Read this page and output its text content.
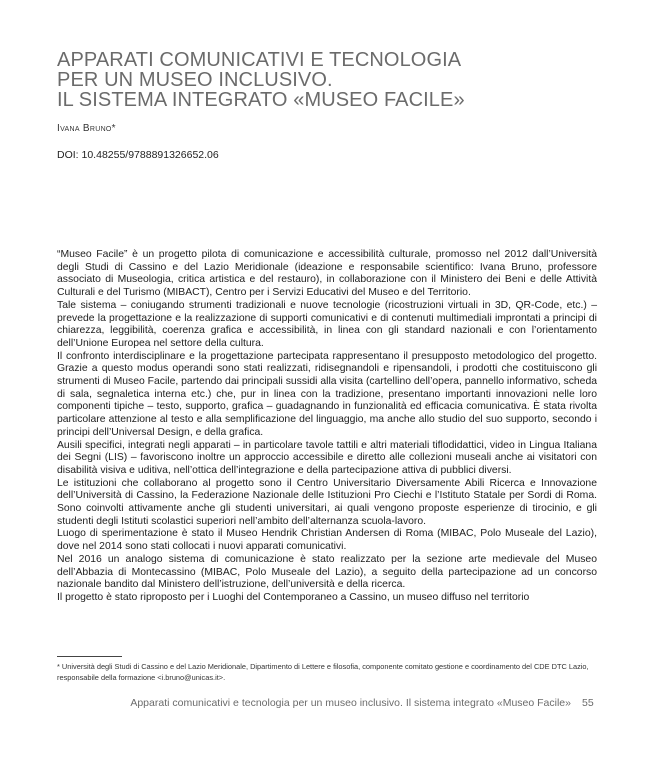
APPARATI COMUNICATIVI E TECNOLOGIA
PER UN MUSEO INCLUSIVO.
IL SISTEMA INTEGRATO «MUSEO FACILE»
Ivana Bruno*
DOI: 10.48255/9788891326652.06

“Museo Facile” è un progetto pilota di comunicazione e accessibilità culturale, promosso nel 2012 dall’Università degli Studi di Cassino e del Lazio Meridionale (ideazione e responsabile scientifico: Ivana Bruno, professore associato di Museologia, critica artistica e del restauro), in collaborazione con il Ministero dei Beni e delle Attività Culturali e del Turismo (MIBACT), Centro per i Servizi Educativi del Museo e del Territorio.

Tale sistema – coniugando strumenti tradizionali e nuove tecnologie (ricostruzioni virtuali in 3D, QR-Code, etc.) – prevede la progettazione e la realizzazione di supporti comunicativi e di contenuti multimediali improntati a principi di chiarezza, leggibilità, coerenza grafica e accessibilità, in linea con gli standard nazionali e con l’orientamento dell’Unione Europea nel settore della cultura.

Il confronto interdisciplinare e la progettazione partecipata rappresentano il presupposto metodologico del progetto. Grazie a questo modus operandi sono stati realizzati, ridisegnandoli e ripensandoli, i prodotti che costituiscono gli strumenti di Museo Facile, partendo dai principali sussidi alla visita (cartellino dell’opera, pannello informativo, scheda di sala, segnaletica interna etc.) che, pur in linea con la tradizione, presentano importanti innovazioni nelle loro componenti tipiche – testo, supporto, grafica – guadagnando in funzionalità ed efficacia comunicativa. È stata rivolta particolare attenzione al testo e alla semplificazione del linguaggio, ma anche allo studio del suo supporto, secondo i principi dell’Universal Design, e della grafica.

Ausili specifici, integrati negli apparati – in particolare tavole tattili e altri materiali tiflodidattici, video in Lingua Italiana dei Segni (LIS) – favoriscono inoltre un approccio accessibile e diretto alle collezioni museali anche ai visitatori con disabilità visiva e uditiva, nell’ottica dell’integrazione e della partecipazione attiva di pubblici diversi.

Le istituzioni che collaborano al progetto sono il Centro Universitario Diversamente Abili Ricerca e Innovazione dell’Università di Cassino, la Federazione Nazionale delle Istituzioni Pro Ciechi e l’Istituto Statale per Sordi di Roma. Sono coinvolti attivamente anche gli studenti universitari, ai quali vengono proposte esperienze di tirocinio, e gli studenti degli Istituti scolastici superiori nell’ambito dell’alternanza scuola-lavoro.

Luogo di sperimentazione è stato il Museo Hendrik Christian Andersen di Roma (MIBAC, Polo Museale del Lazio), dove nel 2014 sono stati collocati i nuovi apparati comunicativi.

Nel 2016 un analogo sistema di comunicazione è stato realizzato per la sezione arte medievale del Museo dell’Abbazia di Montecassino (MIBAC, Polo Museale del Lazio), a seguito della partecipazione ad un concorso nazionale bandito dal Ministero dell’istruzione, dell’università e della ricerca.

Il progetto è stato riproposto per i Luoghi del Contemporaneo a Cassino, un museo diffuso nel territorio

* Università degli Studi di Cassino e del Lazio Meridionale, Dipartimento di Lettere e filosofia, componente comitato gestione e coordinamento del CDE DTC Lazio, responsabile della formazione <i.bruno@unicas.it>.
Apparati comunicativi e tecnologia per un museo inclusivo. Il sistema integrato «Museo Facile» 55
